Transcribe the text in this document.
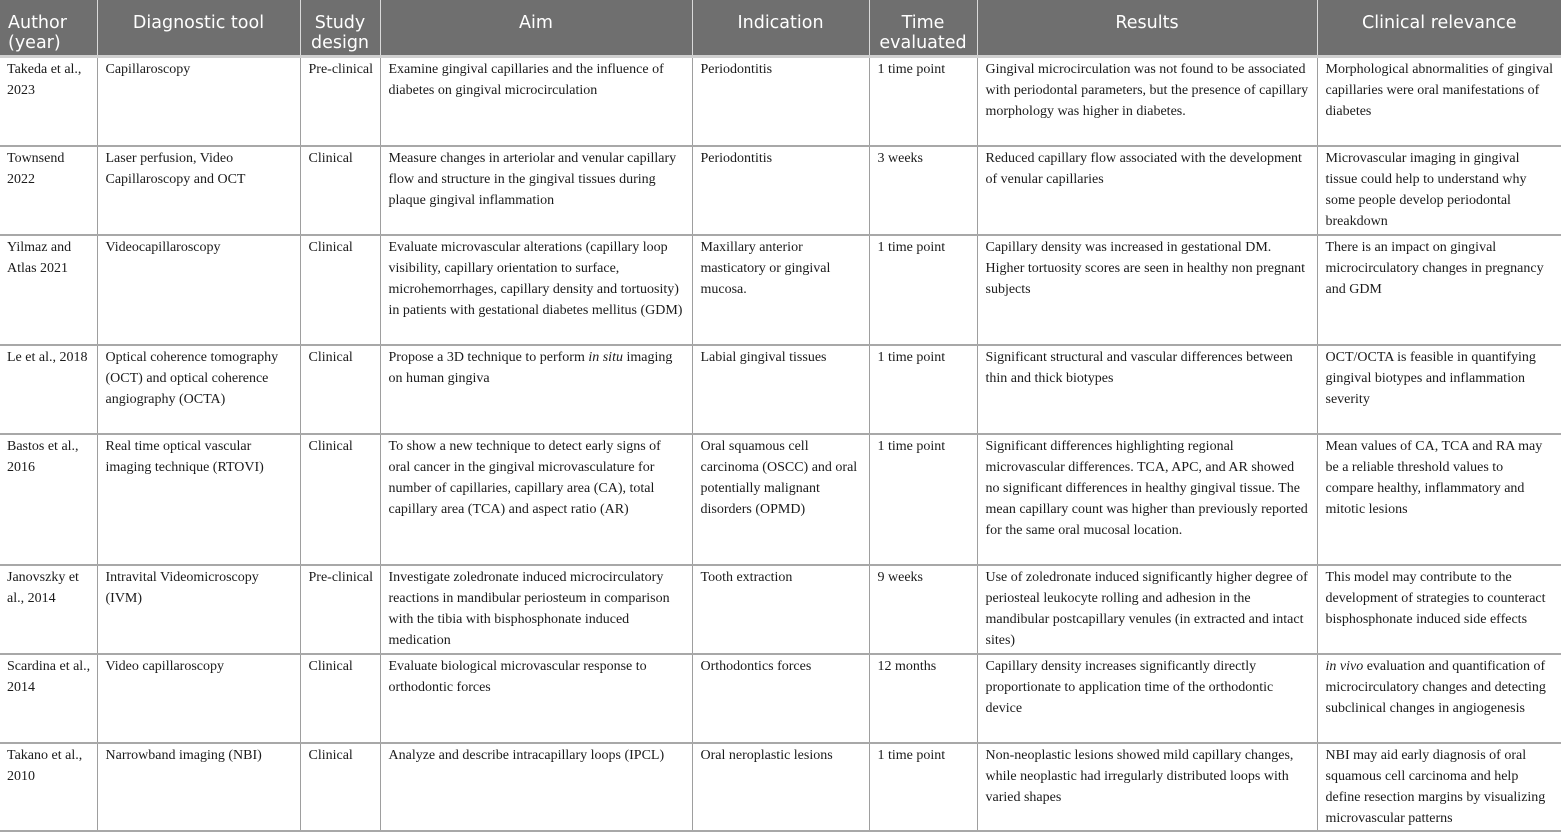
Author (year)	Diagnostic tool	Study design	Aim	Indication	Time evaluated	Results	Clinical relevance
Takeda et al., 2023	Capillaroscopy	Pre-clinical	Examine gingival capillaries and the influence of diabetes on gingival microcirculation	Periodontitis	1 time point	Gingival microcirculation was not found to be associated with periodontal parameters, but the presence of capillary morphology was higher in diabetes.	Morphological abnormalities of gingival capillaries were oral manifestations of diabetes
Townsend 2022	Laser perfusion, Video Capillaroscopy and OCT	Clinical	Measure changes in arteriolar and venular capillary flow and structure in the gingival tissues during plaque gingival inflammation	Periodontitis	3 weeks	Reduced capillary flow associated with the development of venular capillaries	Microvascular imaging in gingival tissue could help to understand why some people develop periodontal breakdown
Yilmaz and Atlas 2021	Videocapillaroscopy	Clinical	Evaluate microvascular alterations (capillary loop visibility, capillary orientation to surface, microhemorrhages, capillary density and tortuosity) in patients with gestational diabetes mellitus (GDM)	Maxillary anterior masticatory or gingival mucosa.	1 time point	Capillary density was increased in gestational DM. Higher tortuosity scores are seen in healthy non pregnant subjects	There is an impact on gingival microcirculatory changes in pregnancy and GDM
Le et al., 2018	Optical coherence tomography (OCT) and optical coherence angiography (OCTA)	Clinical	Propose a 3D technique to perform in situ imaging on human gingiva	Labial gingival tissues	1 time point	Significant structural and vascular differences between thin and thick biotypes	OCT/OCTA is feasible in quantifying gingival biotypes and inflammation severity
Bastos et al., 2016	Real time optical vascular imaging technique (RTOVI)	Clinical	To show a new technique to detect early signs of oral cancer in the gingival microvasculature for number of capillaries, capillary area (CA), total capillary area (TCA) and aspect ratio (AR)	Oral squamous cell carcinoma (OSCC) and oral potentially malignant disorders (OPMD)	1 time point	Significant differences highlighting regional microvascular differences. TCA, APC, and AR showed no significant differences in healthy gingival tissue. The mean capillary count was higher than previously reported for the same oral mucosal location.	Mean values of CA, TCA and RA may be a reliable threshold values to compare healthy, inflammatory and mitotic lesions
Janovszky et al., 2014	Intravital Videomicroscopy (IVM)	Pre-clinical	Investigate zoledronate induced microcirculatory reactions in mandibular periosteum in comparison with the tibia with bisphosphonate induced medication	Tooth extraction	9 weeks	Use of zoledronate induced significantly higher degree of periosteal leukocyte rolling and adhesion in the mandibular postcapillary venules (in extracted and intact sites)	This model may contribute to the development of strategies to counteract bisphosphonate induced side effects
Scardina et al., 2014	Video capillaroscopy	Clinical	Evaluate biological microvascular response to orthodontic forces	Orthodontics forces	12 months	Capillary density increases significantly directly proportionate to application time of the orthodontic device	in vivo evaluation and quantification of microcirculatory changes and detecting subclinical changes in angiogenesis
Takano et al., 2010	Narrowband imaging (NBI)	Clinical	Analyze and describe intracapillary loops (IPCL)	Oral neroplastic lesions	1 time point	Non-neoplastic lesions showed mild capillary changes, while neoplastic had irregularly distributed loops with varied shapes	NBI may aid early diagnosis of oral squamous cell carcinoma and help define resection margins by visualizing microvascular patterns
